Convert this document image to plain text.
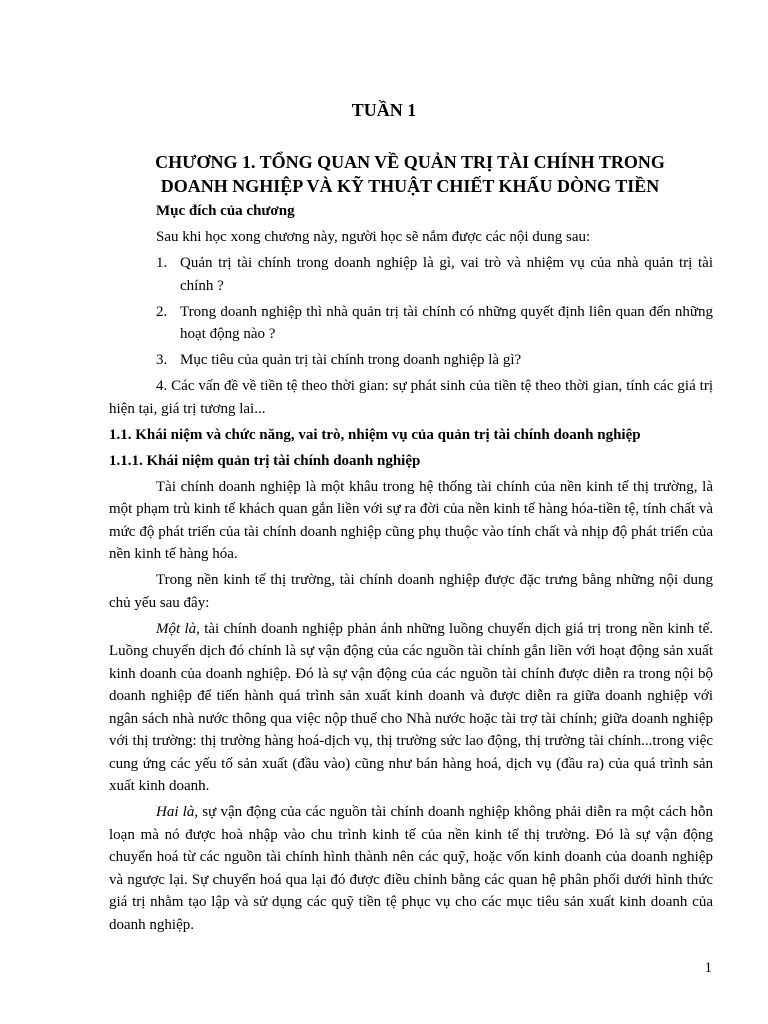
TUẦN 1
CHƯƠNG 1. TỔNG QUAN VỀ QUẢN TRỊ TÀI CHÍNH TRONG
DOANH NGHIỆP VÀ KỸ THUẬT CHIẾT KHẤU DÒNG TIỀN

Mục đích của chương

Sau khi học xong chương này, người học sẽ nắm được các nội dung sau:

1. Quản trị tài chính trong doanh nghiệp là gì, vai trò và nhiệm vụ của nhà quản trị tài chính ?
2. Trong doanh nghiệp thì nhà quản trị tài chính có những quyết định liên quan đến những hoạt động nào ?
3. Mục tiêu của quản trị tài chính trong doanh nghiệp là gì?

4. Các vấn đề về tiền tệ theo thời gian: sự phát sinh của tiền tệ theo thời gian, tính các giá trị hiện tại, giá trị tương lai...

1.1. Khái niệm và chức năng, vai trò, nhiệm vụ của quản trị tài chính doanh nghiệp

1.1.1. Khái niệm quản trị tài chính doanh nghiệp

Tài chính doanh nghiệp là một khâu trong hệ thống tài chính của nền kinh tế thị trường, là một phạm trù kinh tế khách quan gắn liền với sự ra đời của nền kinh tế hàng hóa-tiền tệ, tính chất và mức độ phát triển của tài chính doanh nghiệp cũng phụ thuộc vào tính chất và nhịp độ phát triển của nền kinh tế hàng hóa.

Trong nền kinh tế thị trường, tài chính doanh nghiệp được đặc trưng bằng những nội dung chủ yếu sau đây:

Một là, tài chính doanh nghiệp phản ánh những luồng chuyển dịch giá trị trong nền kinh tế. Luồng chuyển dịch đó chính là sự vận động của các nguồn tài chính gắn liền với hoạt động sản xuất kinh doanh của doanh nghiệp. Đó là sự vận động của các nguồn tài chính được diễn ra trong nội bộ doanh nghiệp để tiến hành quá trình sản xuất kinh doanh và được diễn ra giữa doanh nghiệp với ngân sách nhà nước thông qua việc nộp thuế cho Nhà nước hoặc tài trợ tài chính; giữa doanh nghiệp với thị trường: thị trường hàng hoá-dịch vụ, thị trường sức lao động, thị trường tài chính...trong việc cung ứng các yếu tố sản xuất (đầu vào) cũng như bán hàng hoá, dịch vụ (đầu ra) của quá trình sản xuất kinh doanh.

Hai là, sự vận động của các nguồn tài chính doanh nghiệp không phải diễn ra một cách hỗn loạn mà nó được hoà nhập vào chu trình kinh tế của nền kinh tế thị trường. Đó là sự vận động chuyển hoá từ các nguồn tài chính hình thành nên các quỹ, hoặc vốn kinh doanh của doanh nghiệp và ngược lại. Sự chuyển hoá qua lại đó được điều chỉnh bằng các quan hệ phân phối dưới hình thức giá trị nhằm tạo lập và sử dụng các quỹ tiền tệ phục vụ cho các mục tiêu sản xuất kinh doanh của doanh nghiệp.

1
